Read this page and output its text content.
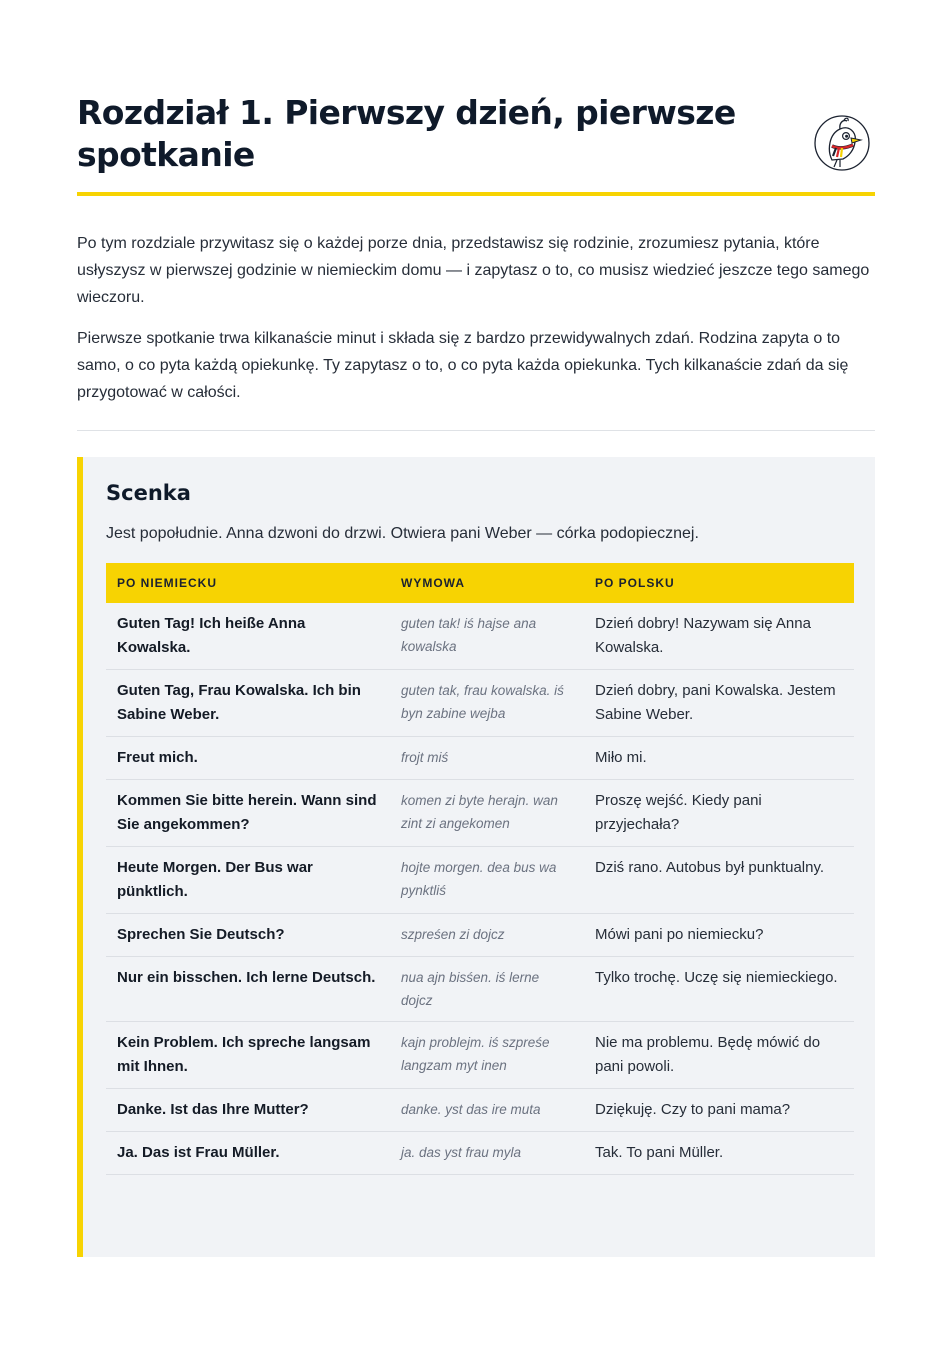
Rozdział 1. Pierwszy dzień, pierwsze spotkanie

Po tym rozdziale przywitasz się o każdej porze dnia, przedstawisz się rodzinie, zrozumiesz pytania, które usłyszysz w pierwszej godzinie w niemieckim domu — i zapytasz o to, co musisz wiedzieć jeszcze tego samego wieczoru.

Pierwsze spotkanie trwa kilkanaście minut i składa się z bardzo przewidywalnych zdań. Rodzina zapyta o to samo, o co pyta każdą opiekunkę. Ty zapytasz o to, o co pyta każda opiekunka. Tych kilkanaście zdań da się przygotować w całości.

Scenka

Jest popołudnie. Anna dzwoni do drzwi. Otwiera pani Weber — córka podopiecznej.

PO NIEMIECKU	WYMOWA	PO POLSKU
Guten Tag! Ich heiße Anna Kowalska.	guten tak! iś hajse ana kowalska	Dzień dobry! Nazywam się Anna Kowalska.
Guten Tag, Frau Kowalska. Ich bin Sabine Weber.	guten tak, frau kowalska. iś byn zabine wejba	Dzień dobry, pani Kowalska. Jestem Sabine Weber.
Freut mich.	frojt miś	Miło mi.
Kommen Sie bitte herein. Wann sind Sie angekommen?	komen zi byte herajn. wan zint zi angekomen	Proszę wejść. Kiedy pani przyjechała?
Heute Morgen. Der Bus war pünktlich.	hojte morgen. dea bus wa pynktliś	Dziś rano. Autobus był punktualny.
Sprechen Sie Deutsch?	szpreśen zi dojcz	Mówi pani po niemiecku?
Nur ein bisschen. Ich lerne Deutsch.	nua ajn bisśen. iś lerne dojcz	Tylko trochę. Uczę się niemieckiego.
Kein Problem. Ich spreche langsam mit Ihnen.	kajn problejm. iś szpreśe langzam myt inen	Nie ma problemu. Będę mówić do pani powoli.
Danke. Ist das Ihre Mutter?	danke. yst das ire muta	Dziękuję. Czy to pani mama?
Ja. Das ist Frau Müller.	ja. das yst frau myla	Tak. To pani Müller.
